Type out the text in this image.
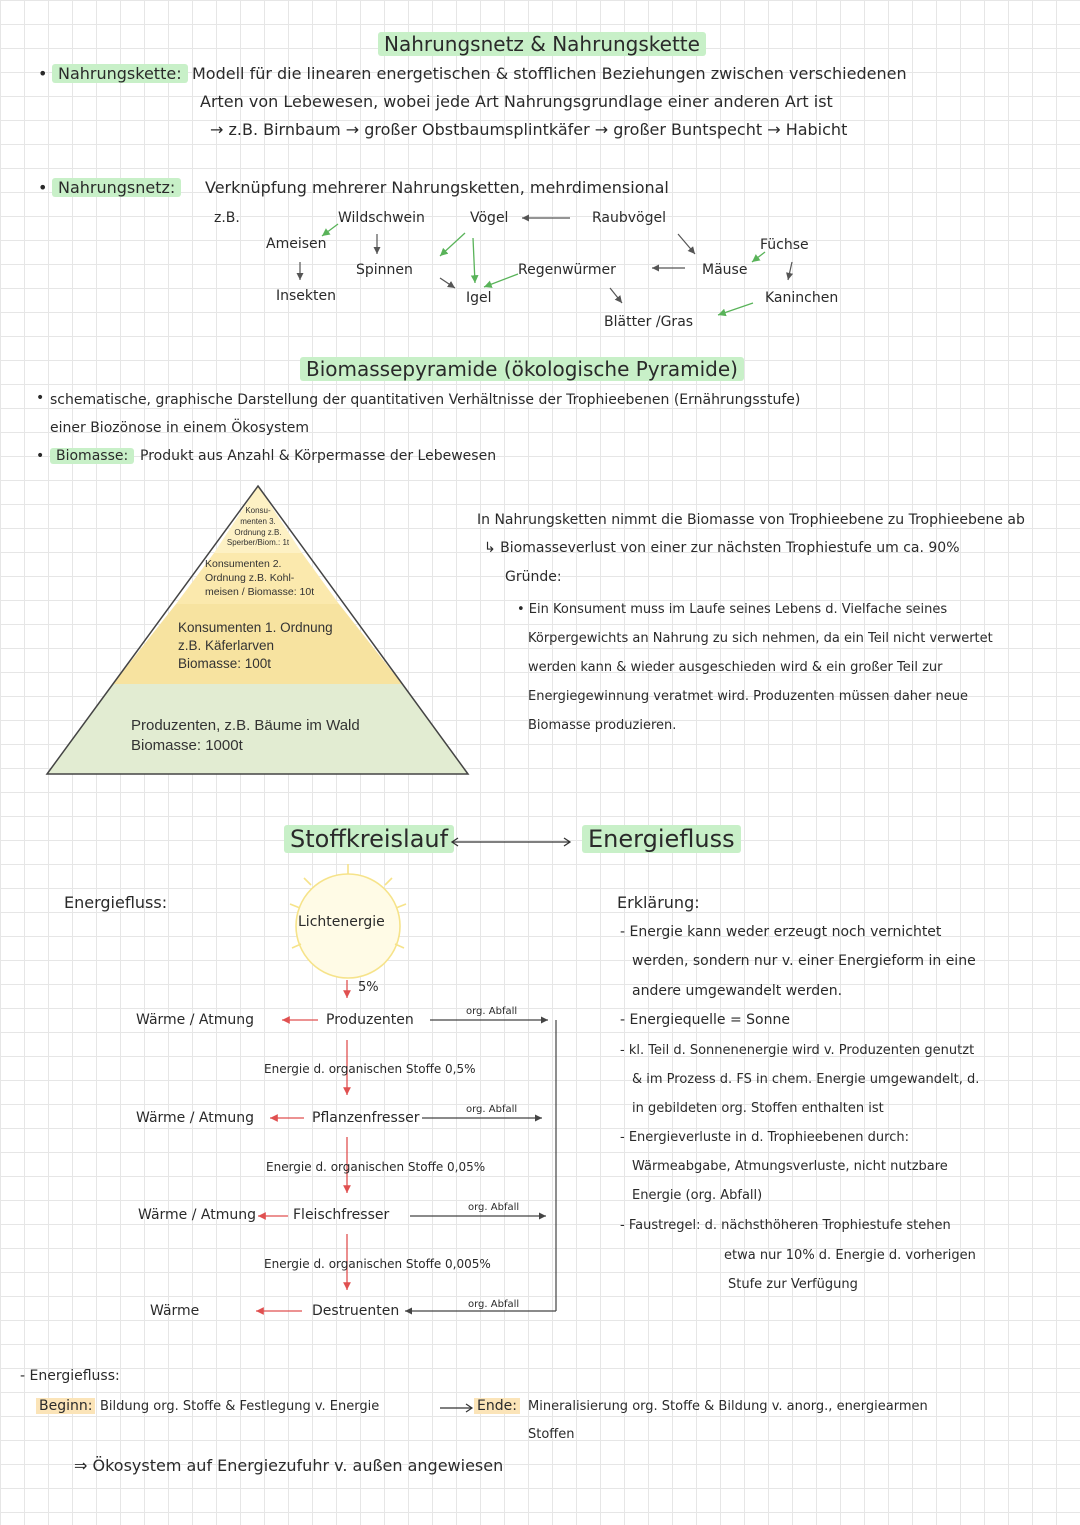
Nahrungsnetz & Nahrungskette
• Nahrungskette: Modell für die linearen energetischen & stofflichen Beziehungen zwischen verschiedenen
Arten von Lebewesen, wobei jede Art Nahrungsgrundlage einer anderen Art ist
→ z.B. Birnbaum → großer Obstbaumsplintkäfer → großer Buntspecht → Habicht
• Nahrungsnetz:	Verknüpfung mehrerer Nahrungsketten, mehrdimensional
z.B.	Wildschwein	Vögel	Raubvögel
Ameisen	Füchse
Spinnen	Regenwürmer	Mäuse
Insekten	Igel	Kaninchen
Blätter /Gras
Biomassepyramide (ökologische Pyramide)
• schematische, graphische Darstellung der quantitativen Verhältnisse der Trophieebenen (Ernährungsstufe)
einer Biozönose in einem Ökosystem
• Biomasse: Produkt aus Anzahl & Körpermasse der Lebewesen
Konsu-
menten 3.
Ordnung z.B.
Sperber/Biom.: 1t
Konsumenten 2.
Ordnung z.B. Kohl-
meisen / Biomasse: 10t
Konsumenten 1. Ordnung
z.B. Käferlarven
Biomasse: 100t
Produzenten, z.B. Bäume im Wald
Biomasse: 1000t
In Nahrungsketten nimmt die Biomasse von Trophieebene zu Trophieebene ab
↳ Biomasseverlust von einer zur nächsten Trophiestufe um ca. 90%
Gründe:
• Ein Konsument muss im Laufe seines Lebens d. Vielfache seines
Körpergewichts an Nahrung zu sich nehmen, da ein Teil nicht verwertet
werden kann & wieder ausgeschieden wird & ein großer Teil zur
Energiegewinnung veratmet wird. Produzenten müssen daher neue
Biomasse produzieren.
Stoffkreislauf	Energiefluss
Energiefluss:
Lichtenergie
5%
Produzenten
Pflanzenfresser
Fleischfresser
Destruenten
Wärme / Atmung
Wärme / Atmung
Wärme / Atmung
Wärme
org. Abfall
org. Abfall
org. Abfall
org. Abfall
Energie d. organischen Stoffe 0,5%
Energie d. organischen Stoffe 0,05%
Energie d. organischen Stoffe 0,005%
Erklärung:
- Energie kann weder erzeugt noch vernichtet
werden, sondern nur v. einer Energieform in eine
andere umgewandelt werden.
- Energiequelle = Sonne
- kl. Teil d. Sonnenenergie wird v. Produzenten genutzt
& im Prozess d. FS in chem. Energie umgewandelt, d.
in gebildeten org. Stoffen enthalten ist
- Energieverluste in d. Trophieebenen durch:
Wärmeabgabe, Atmungsverluste, nicht nutzbare
Energie (org. Abfall)
- Faustregel: d. nächsthöheren Trophiestufe stehen
etwa nur 10% d. Energie d. vorherigen
Stufe zur Verfügung
- Energiefluss:
Beginn: Bildung org. Stoffe & Festlegung v. Energie	Ende: Mineralisierung org. Stoffe & Bildung v. anorg., energiearmen
Stoffen
⇒ Ökosystem auf Energiezufuhr v. außen angewiesen
